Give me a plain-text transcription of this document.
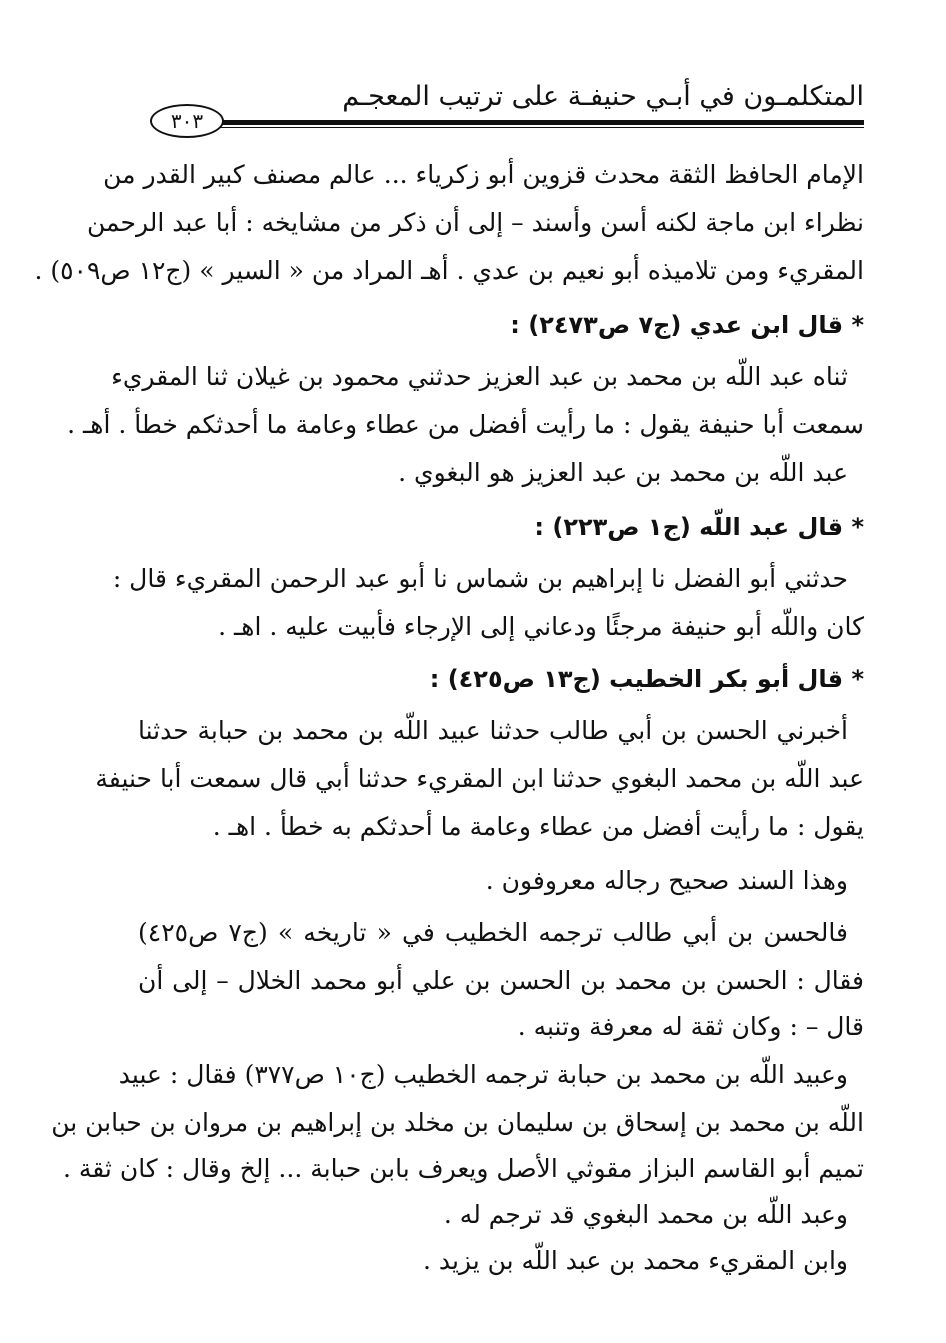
المتكلمـون في أبـي حنيفـة على ترتيب المعجـم
٣٠٣
الإمام الحافظ الثقة محدث قزوين أبو زكرياء ... عالم مصنف كبير القدر من
نظراء ابن ماجة لكنه أسن وأسند – إلى أن ذكر من مشايخه : أبا عبد الرحمن
المقريء ومن تلاميذه أبو نعيم بن عدي . أهـ المراد من « السير » (ج١٢ ص٥٠٩) .
* قال ابن عدي (ج٧ ص٢٤٧٣) :
ثناه عبد اللّه بن محمد بن عبد العزيز حدثني محمود بن غيلان ثنا المقريء
سمعت أبا حنيفة يقول : ما رأيت أفضل من عطاء وعامة ما أحدثكم خطأ . أهـ .
عبد اللّه بن محمد بن عبد العزيز هو البغوي .
* قال عبد اللّه (ج١ ص٢٢٣) :
حدثني أبو الفضل نا إبراهيم بن شماس نا أبو عبد الرحمن المقريء قال :
كان واللّه أبو حنيفة مرجئًا ودعاني إلى الإرجاء فأبيت عليه . اهـ .
* قال أبو بكر الخطيب (ج١٣ ص٤٢٥) :
أخبرني الحسن بن أبي طالب حدثنا عبيد اللّه بن محمد بن حبابة حدثنا
عبد اللّه بن محمد البغوي حدثنا ابن المقريء حدثنا أبي قال سمعت أبا حنيفة
يقول : ما رأيت أفضل من عطاء وعامة ما أحدثكم به خطأ . اهـ .
وهذا السند صحيح رجاله معروفون .
فالحسن بن أبي طالب ترجمه الخطيب في « تاريخه » (ج٧ ص٤٢٥)
فقال : الحسن بن محمد بن الحسن بن علي أبو محمد الخلال – إلى أن
قال – : وكان ثقة له معرفة وتنبه .
وعبيد اللّه بن محمد بن حبابة ترجمه الخطيب (ج١٠ ص٣٧٧) فقال : عبيد
اللّه بن محمد بن إسحاق بن سليمان بن مخلد بن إبراهيم بن مروان بن حبابن بن
تميم أبو القاسم البزاز مقوثي الأصل ويعرف بابن حبابة ... إلخ وقال : كان ثقة .
وعبد اللّه بن محمد البغوي قد ترجم له .
وابن المقريء محمد بن عبد اللّه بن يزيد .
